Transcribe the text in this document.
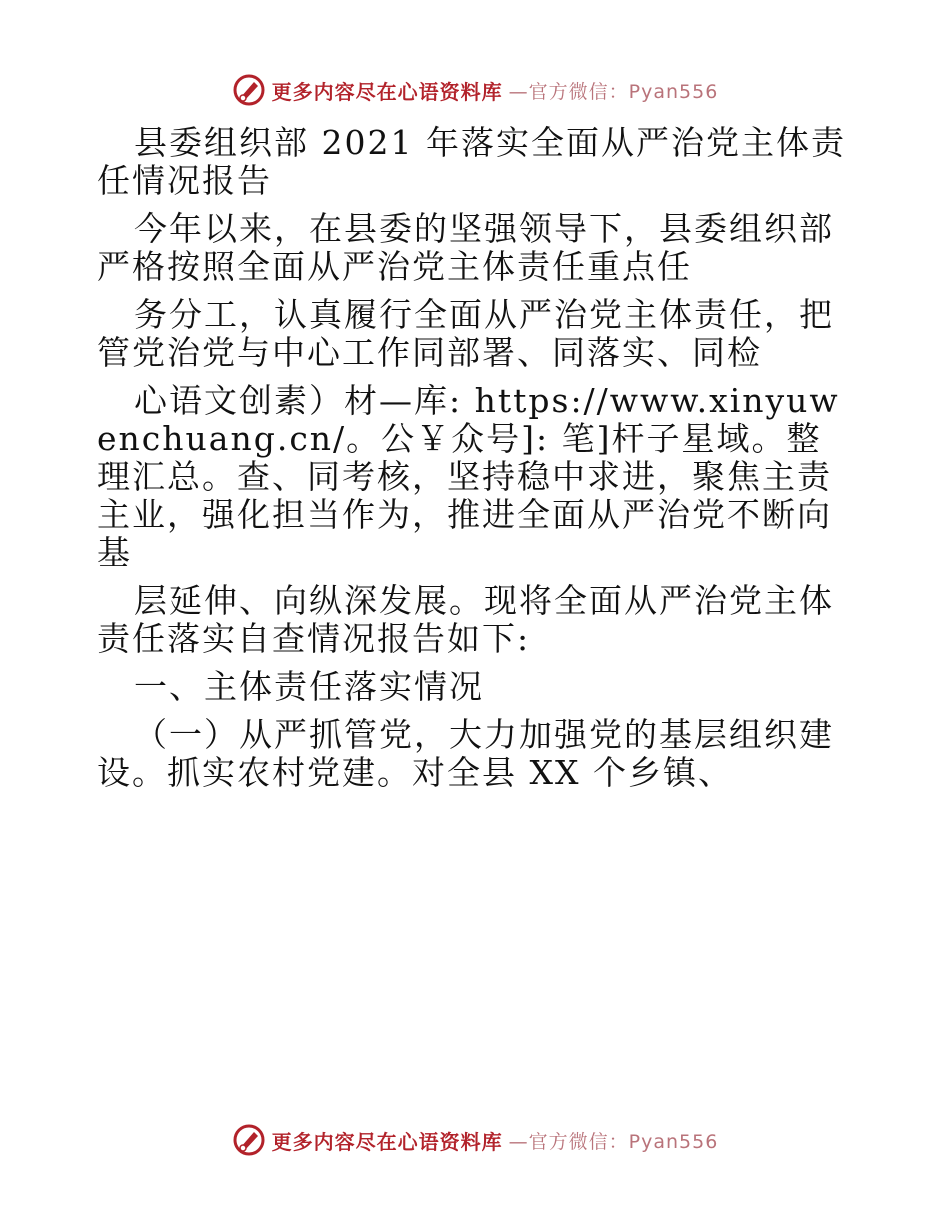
更多内容尽在心语资料库 —官方微信：Pyan556

县委组织部 2021 年落实全面从严治党主体责任情况报告

今年以来，在县委的坚强领导下，县委组织部严格按照全面从严治党主体责任重点任

务分工，认真履行全面从严治党主体责任，把管党治党与中心工作同部署、同落实、同检

心语文创素）材—库: https://www.xinyuwenchuang.cn/。公￥众号]: 笔]杆子星域。整理汇总。查、同考核，坚持稳中求进，聚焦主责主业，强化担当作为，推进全面从严治党不断向基

层延伸、向纵深发展。现将全面从严治党主体责任落实自查情况报告如下:

一、主体责任落实情况

（一）从严抓管党，大力加强党的基层组织建设。抓实农村党建。对全县 XX 个乡镇、

更多内容尽在心语资料库 —官方微信：Pyan556
